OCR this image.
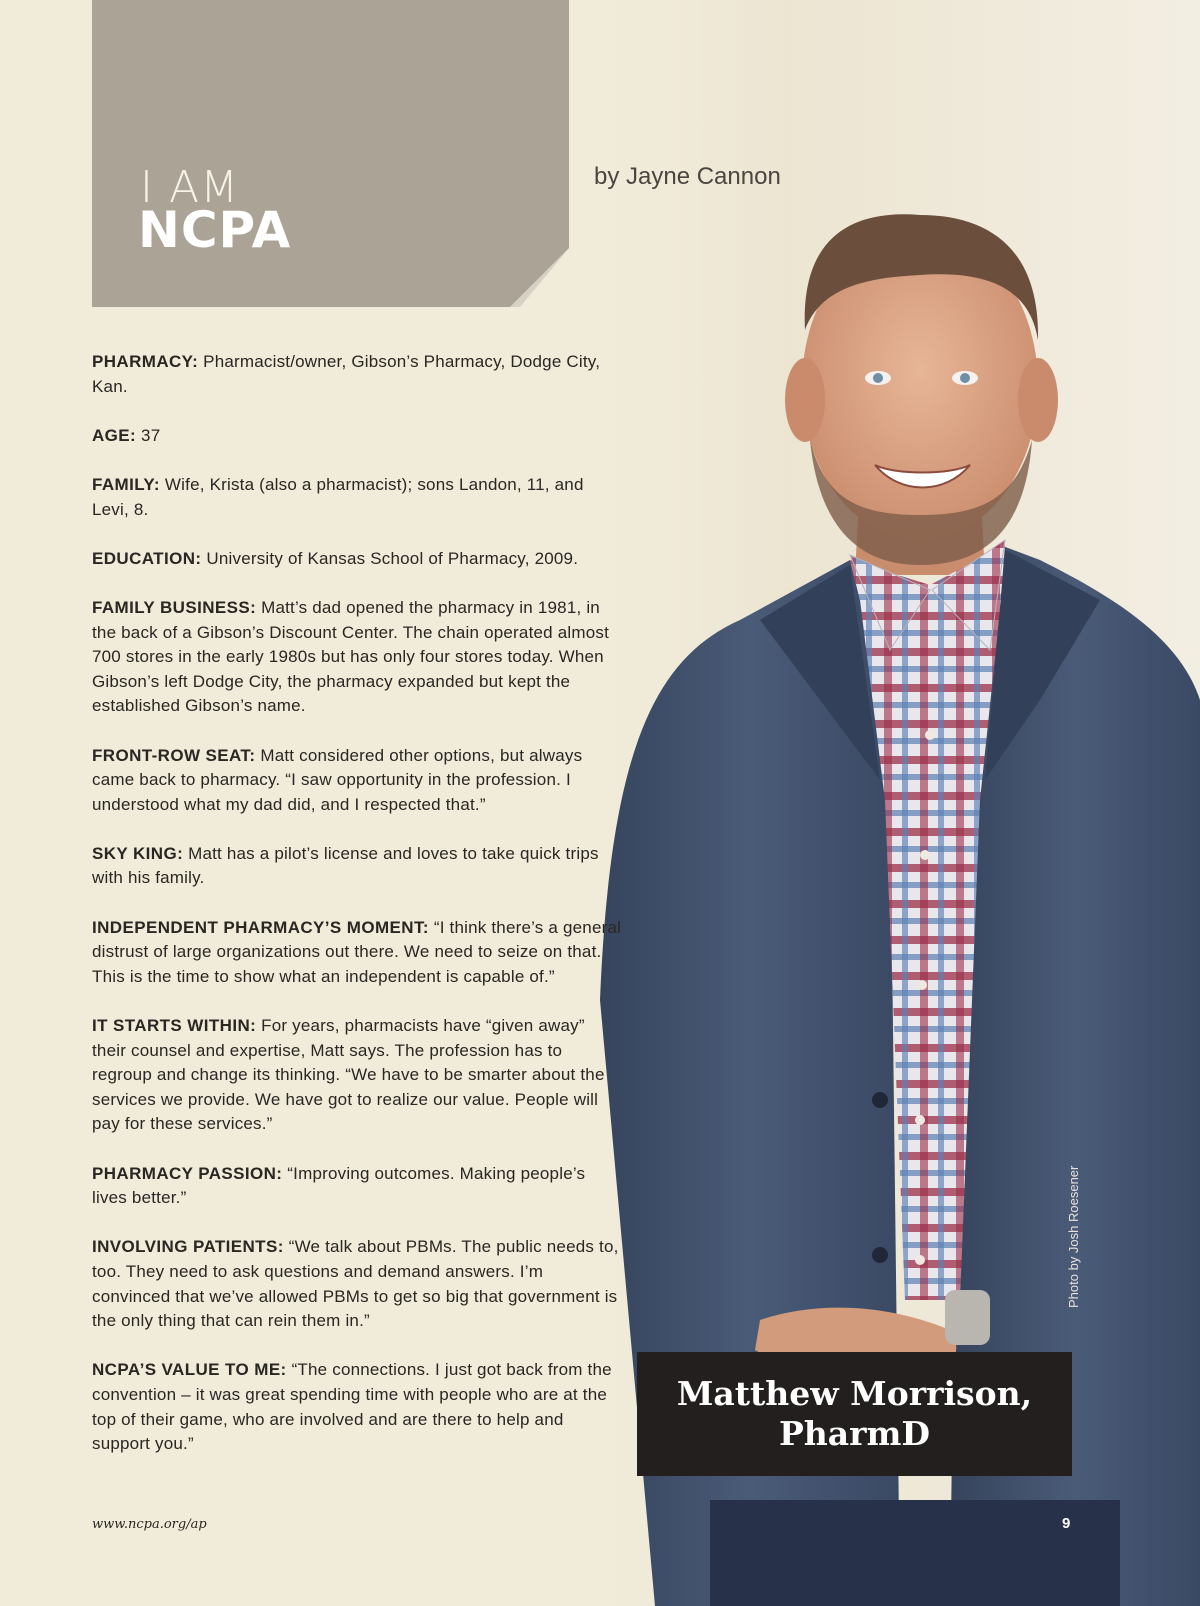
I AM
NCPA
by Jayne Cannon

PHARMACY: Pharmacist/owner, Gibson’s Pharmacy, Dodge City, Kan.

AGE: 37

FAMILY: Wife, Krista (also a pharmacist); sons Landon, 11, and Levi, 8.

EDUCATION: University of Kansas School of Pharmacy, 2009.

FAMILY BUSINESS: Matt’s dad opened the pharmacy in 1981, in the back of a Gibson’s Discount Center. The chain operated almost 700 stores in the early 1980s but has only four stores today. When Gibson’s left Dodge City, the pharmacy expanded but kept the established Gibson’s name.

FRONT-ROW SEAT: Matt considered other options, but always came back to pharmacy. “I saw opportunity in the profession. I understood what my dad did, and I respected that.”

SKY KING: Matt has a pilot’s license and loves to take quick trips with his family.

INDEPENDENT PHARMACY’S MOMENT: “I think there’s a general distrust of large organizations out there. We need to seize on that. This is the time to show what an independent is capable of.”

IT STARTS WITHIN: For years, pharmacists have “given away” their counsel and expertise, Matt says. The profession has to regroup and change its thinking. “We have to be smarter about the services we provide. We have got to realize our value. People will pay for these services.”

PHARMACY PASSION: “Improving outcomes. Making people’s lives better.”

INVOLVING PATIENTS: “We talk about PBMs. The public needs to, too. They need to ask questions and demand answers. I’m convinced that we’ve allowed PBMs to get so big that government is the only thing that can rein them in.”

NCPA’S VALUE TO ME: “The connections. I just got back from the convention – it was great spending time with people who are at the top of their game, who are involved and are there to help and support you.”

Photo by Josh Roesener
Matthew Morrison,
PharmD
www.ncpa.org/ap	9
